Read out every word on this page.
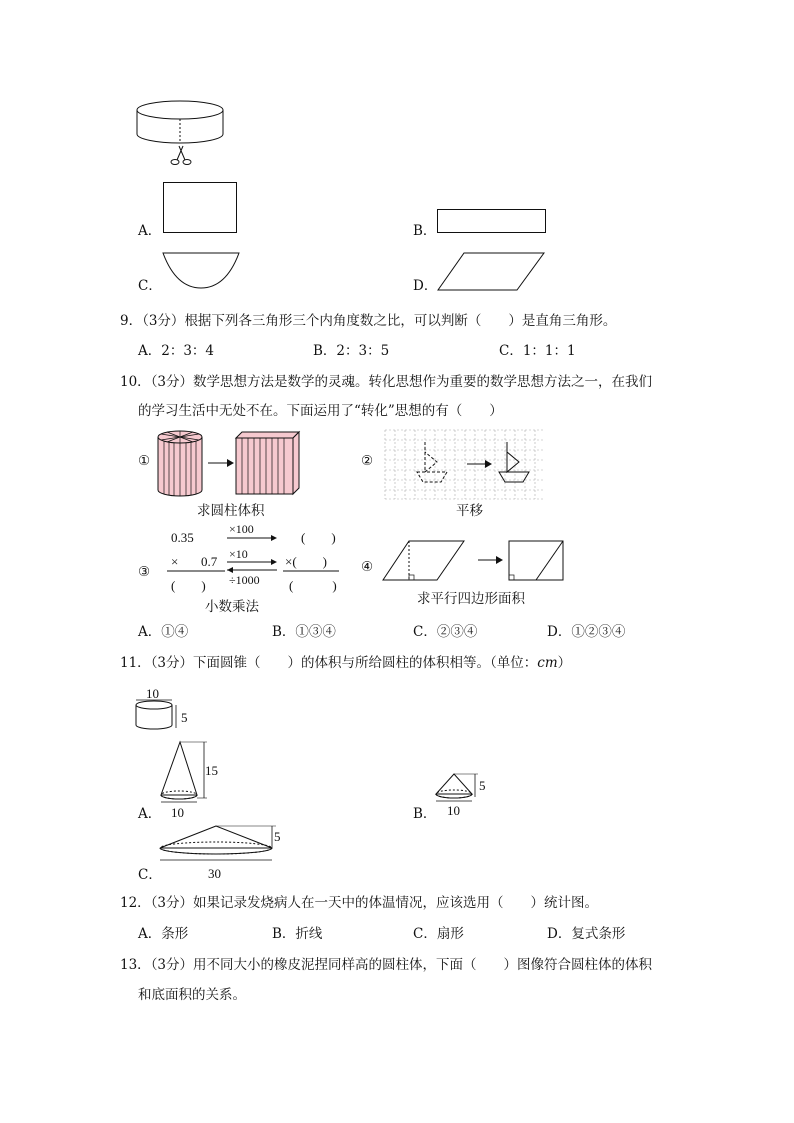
A．	B．
C．	D．
9．（3分）根据下列各三角形三个内角度数之比，可以判断（　　）是直角三角形。
A．2：3：4	B．2：3：5	C．1：1：1
10．（3分）数学思想方法是数学的灵魂。转化思想作为重要的数学思想方法之一，在我们
的学习生活中无处不在。下面运用了“转化”思想的有（　　）
①
求圆柱体积
②
平移
③
0.35
× 0.7
(　　)
×100
×10
÷1000
(　　)
×(　　)
(　　　)
小数乘法
④
求平行四边形面积
A．①④	B．①③④	C．②③④	D．①②③④
11．（3分）下面圆锥（　　）的体积与所给圆柱的体积相等。（单位：cm）
10
5
A．
15
10	B．
5
10
C．
5
30
12．（3分）如果记录发烧病人在一天中的体温情况，应该选用（　　）统计图。
A．条形	B．折线	C．扇形	D．复式条形
13．（3分）用不同大小的橡皮泥捏同样高的圆柱体，下面（　　）图像符合圆柱体的体积
和底面积的关系。
